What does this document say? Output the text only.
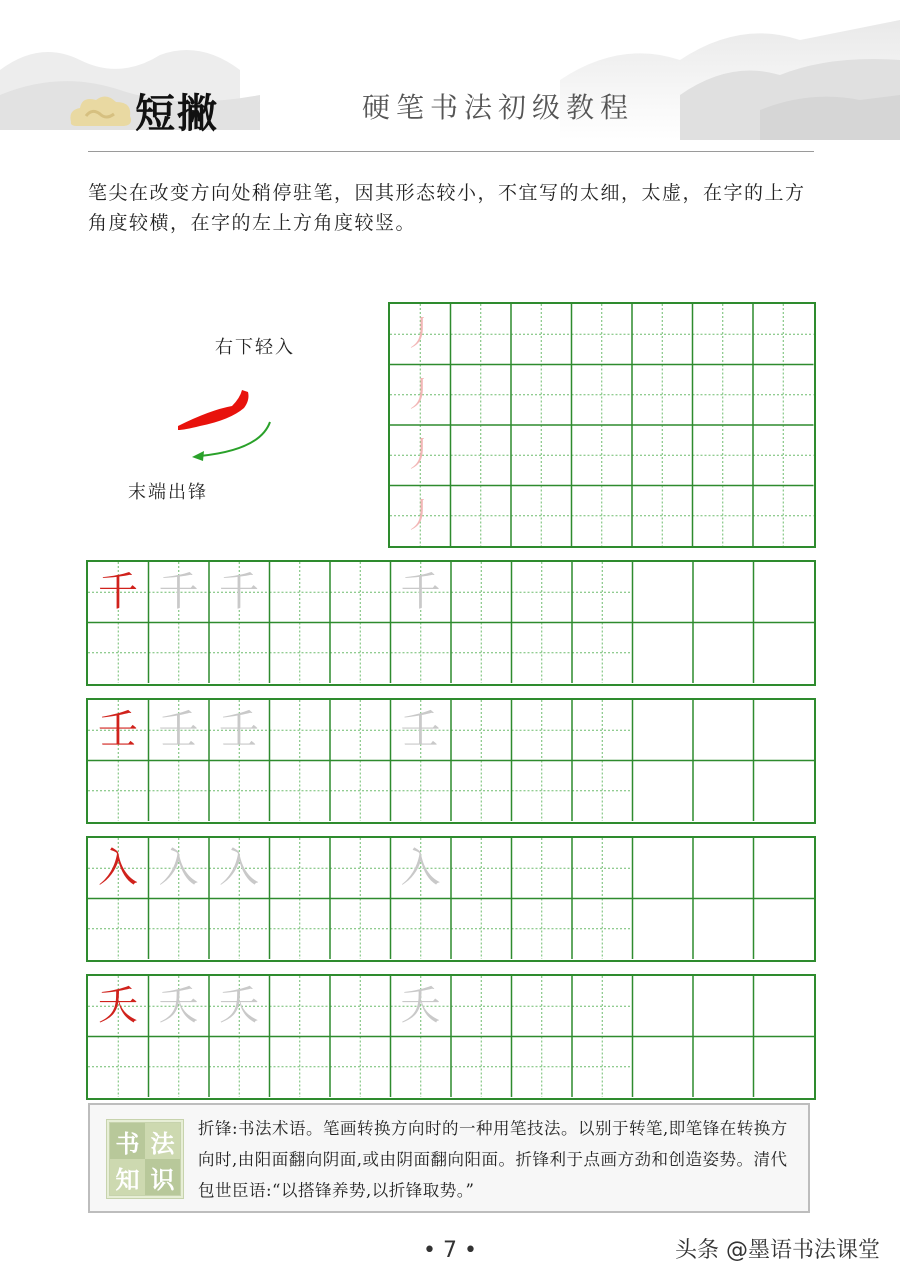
短撇	硬笔书法初级教程

笔尖在改变方向处稍停驻笔，因其形态较小，不宜写的太细，太虚，在字的上方角度较横，在字的左上方角度较竖。

右下轻入
末端出锋
丿
丿
丿
丿
千 千 千	千
壬 壬 壬	壬
入 入 入	入
夭 夭 夭	夭
书 法
知 识

折锋:书法术语。笔画转换方向时的一种用笔技法。以别于转笔,即笔锋在转换方向时,由阳面翻向阴面,或由阴面翻向阳面。折锋利于点画方劲和创造姿势。清代包世臣语:“以搭锋养势,以折锋取势。”

• 7 •	头条 @墨语书法课堂
